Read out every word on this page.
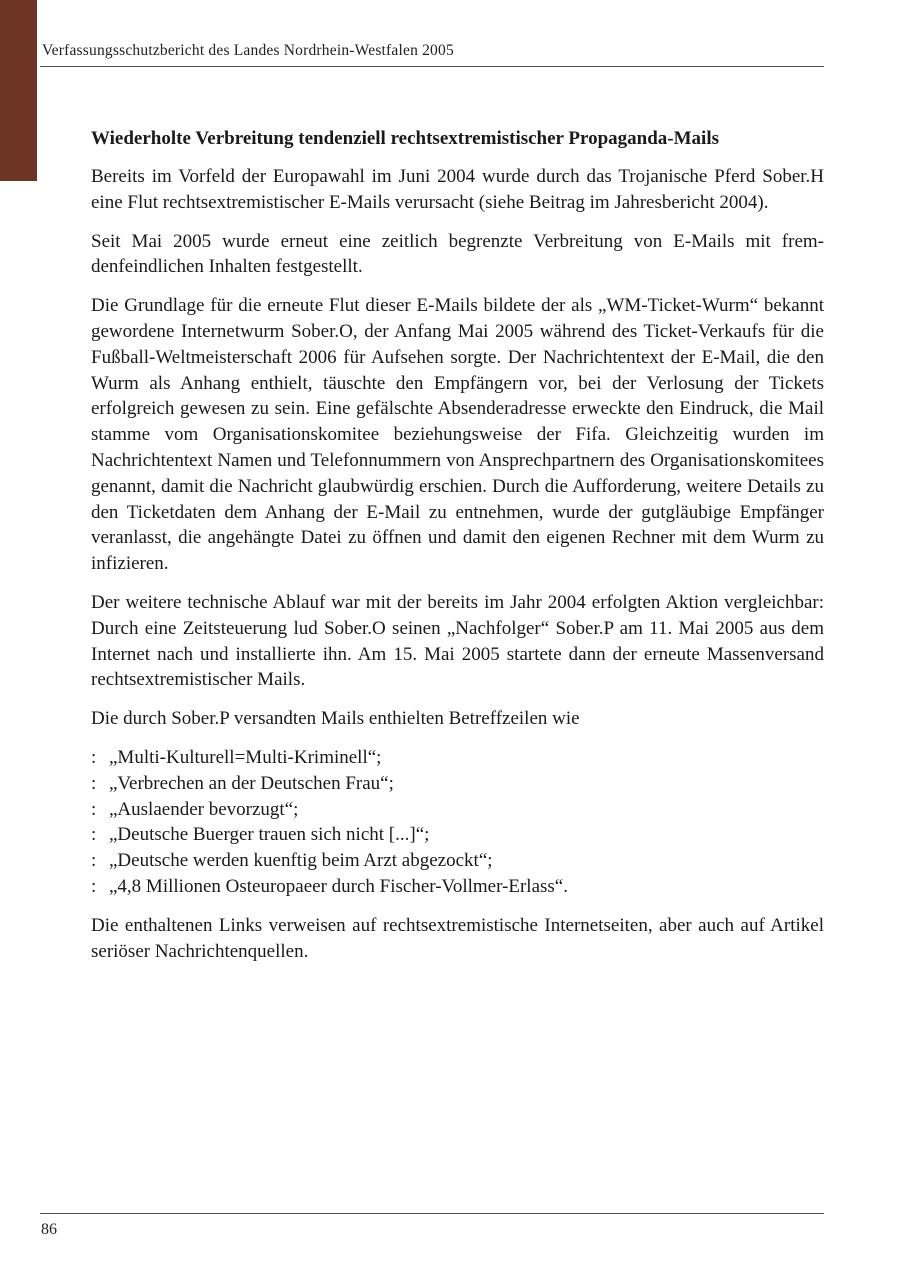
Verfassungsschutzbericht des Landes Nordrhein-Westfalen 2005
Wiederholte Verbreitung tendenziell rechtsextremistischer Propaganda-Mails

Bereits im Vorfeld der Europawahl im Juni 2004 wurde durch das Trojanische Pferd Sober.H eine Flut rechtsextremistischer E-Mails verursacht (siehe Beitrag im Jahresbericht 2004).

Seit Mai 2005 wurde erneut eine zeitlich begrenzte Verbreitung von E-Mails mit fremdenfeindlichen Inhalten festgestellt.

Die Grundlage für die erneute Flut dieser E-Mails bildete der als „WM-Ticket-Wurm“ bekannt gewordene Internetwurm Sober.O, der Anfang Mai 2005 während des Ticket-Verkaufs für die Fußball-Weltmeisterschaft 2006 für Aufsehen sorgte. Der Nachrichtentext der E-Mail, die den Wurm als Anhang enthielt, täuschte den Empfängern vor, bei der Verlosung der Tickets erfolgreich gewesen zu sein. Eine gefälschte Absenderadresse erweckte den Eindruck, die Mail stamme vom Organisationskomitee beziehungsweise der Fifa. Gleichzeitig wurden im Nachrichtentext Namen und Telefonnummern von Ansprechpartnern des Organisationskomitees genannt, damit die Nachricht glaubwürdig erschien. Durch die Aufforderung, weitere Details zu den Ticketdaten dem Anhang der E-Mail zu entnehmen, wurde der gutgläubige Empfänger veranlasst, die angehängte Datei zu öffnen und damit den eigenen Rechner mit dem Wurm zu infizieren.

Der weitere technische Ablauf war mit der bereits im Jahr 2004 erfolgten Aktion vergleichbar: Durch eine Zeitsteuerung lud Sober.O seinen „Nachfolger“ Sober.P am 11. Mai 2005 aus dem Internet nach und installierte ihn. Am 15. Mai 2005 startete dann der erneute Massenversand rechtsextremistischer Mails.

Die durch Sober.P versandten Mails enthielten Betreffzeilen wie

: „Multi-Kulturell=Multi-Kriminell“;
: „Verbrechen an der Deutschen Frau“;
: „Auslaender bevorzugt“;
: „Deutsche Buerger trauen sich nicht [...]“;
: „Deutsche werden kuenftig beim Arzt abgezockt“;
: „4,8 Millionen Osteuropaeer durch Fischer-Vollmer-Erlass“.

Die enthaltenen Links verweisen auf rechtsextremistische Internetseiten, aber auch auf Artikel seriöser Nachrichtenquellen.

86
